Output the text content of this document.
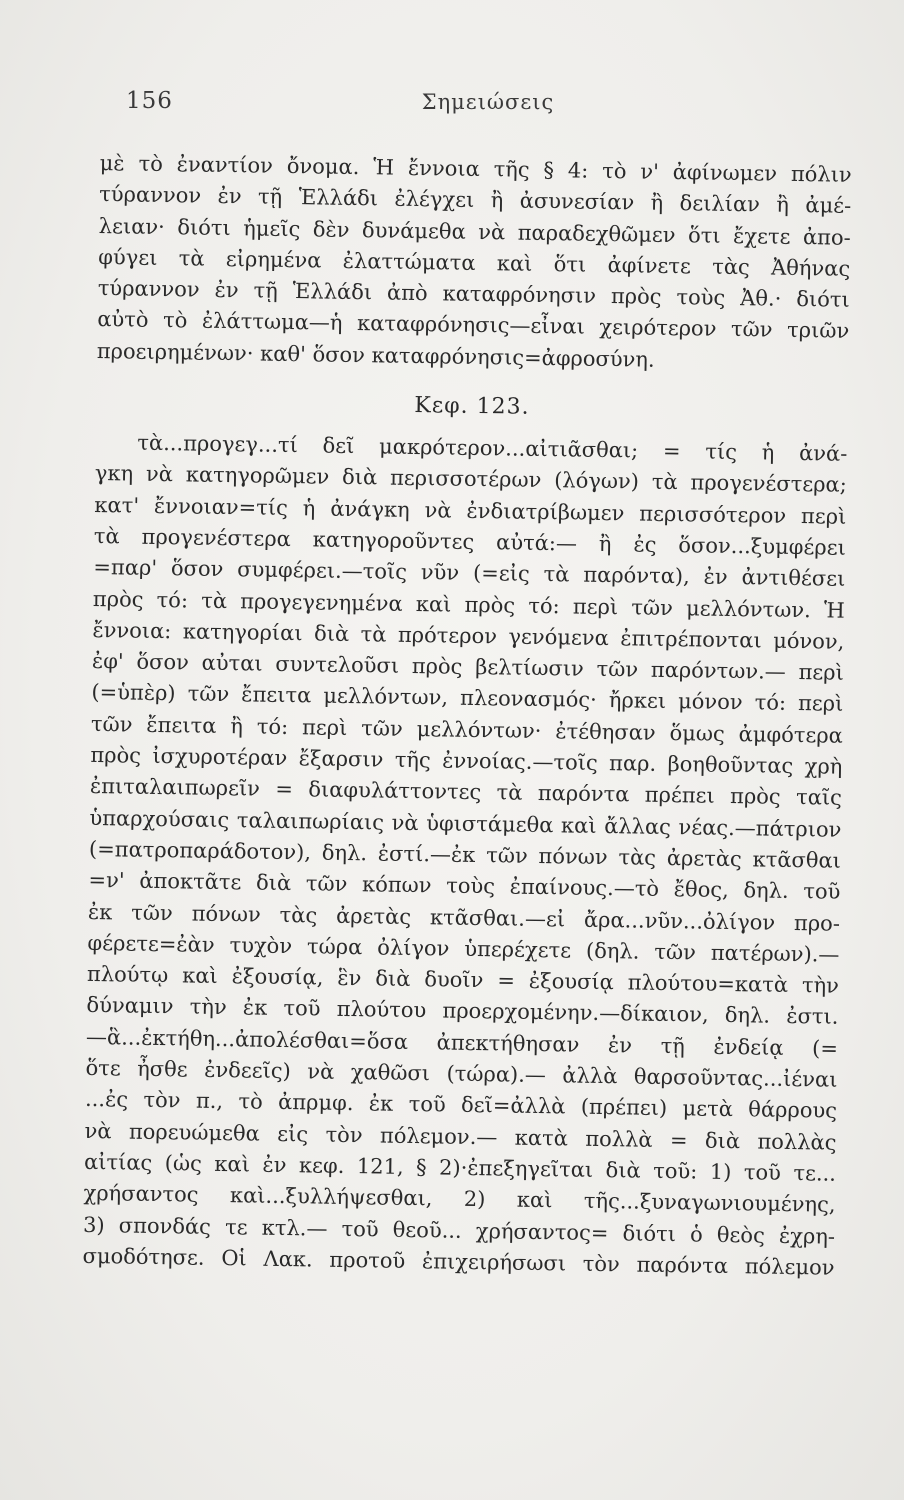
156	Σημειώσεις
μὲ τὸ ἐναντίον ὄνομα. Ἡ ἔννοια τῆς § 4: τὸ ν' ἀφίνωμεν πόλιν
τύραννον ἐν τῇ Ἑλλάδι ἐλέγχει ἢ ἀσυνεσίαν ἢ δειλίαν ἢ ἀμέ-
λειαν· διότι ἡμεῖς δὲν δυνάμεθα νὰ παραδεχθῶμεν ὅτι ἔχετε ἀπο-
φύγει τὰ εἰρημένα ἐλαττώματα καὶ ὅτι ἀφίνετε τὰς Ἀθήνας
τύραννον ἐν τῇ Ἑλλάδι ἀπὸ καταφρόνησιν πρὸς τοὺς Ἀθ.· διότι
αὐτὸ τὸ ἐλάττωμα—ἡ καταφρόνησις—εἶναι χειρότερον τῶν τριῶν
προειρημένων· καθ' ὅσον καταφρόνησις=ἀφροσύνη.
Κεφ. 123.
τὰ...προγεγ...τί δεῖ μακρότερον...αἰτιᾶσθαι; = τίς ἡ ἀνά-
γκη νὰ κατηγορῶμεν διὰ περισσοτέρων (λόγων) τὰ προγενέστερα;
κατ' ἔννοιαν=τίς ἡ ἀνάγκη νὰ ἐνδιατρίβωμεν περισσότερον περὶ
τὰ προγενέστερα κατηγοροῦντες αὐτά:— ἢ ἐς ὅσον...ξυμφέρει
=παρ' ὅσον συμφέρει.—τοῖς νῦν (=εἰς τὰ παρόντα), ἐν ἀντιθέσει
πρὸς τό: τὰ προγεγενημένα καὶ πρὸς τό: περὶ τῶν μελλόντων. Ἡ
ἔννοια: κατηγορίαι διὰ τὰ πρότερον γενόμενα ἐπιτρέπονται μόνον,
ἐφ' ὅσον αὐται συντελοῦσι πρὸς βελτίωσιν τῶν παρόντων.— περὶ
(=ὑπὲρ) τῶν ἔπειτα μελλόντων, πλεονασμός· ἤρκει μόνον τό: περὶ
τῶν ἔπειτα ἢ τό: περὶ τῶν μελλόντων· ἐτέθησαν ὅμως ἀμφότερα
πρὸς ἰσχυροτέραν ἔξαρσιν τῆς ἐννοίας.—τοῖς παρ. βοηθοῦντας χρὴ
ἐπιταλαιπωρεῖν = διαφυλάττοντες τὰ παρόντα πρέπει πρὸς ταῖς
ὑπαρχούσαις ταλαιπωρίαις νὰ ὑφιστάμεθα καὶ ἄλλας νέας.—πάτριον
(=πατροπαράδοτον), δηλ. ἐστί.—ἐκ τῶν πόνων τὰς ἀρετὰς κτᾶσθαι
=ν' ἀποκτᾶτε διὰ τῶν κόπων τοὺς ἐπαίνους.—τὸ ἔθος, δηλ. τοῦ
ἐκ τῶν πόνων τὰς ἀρετὰς κτᾶσθαι.—εἰ ἄρα...νῦν...ὀλίγον προ-
φέρετε=ἐὰν τυχὸν τώρα ὀλίγον ὑπερέχετε (δηλ. τῶν πατέρων).—
πλούτῳ καὶ ἐξουσίᾳ, ἓν διὰ δυοῖν = ἐξουσίᾳ πλούτου=κατὰ τὴν
δύναμιν τὴν ἐκ τοῦ πλούτου προερχομένην.—δίκαιον, δηλ. ἐστι.
—ἃ...ἐκτήθη...ἀπολέσθαι=ὅσα ἀπεκτήθησαν ἐν τῇ ἐνδείᾳ (=
ὅτε ἦσθε ἐνδεεῖς) νὰ χαθῶσι (τώρα).— ἀλλὰ θαρσοῦντας...ἰέναι
...ἐς τὸν π., τὸ ἀπρμφ. ἐκ τοῦ δεῖ=ἀλλὰ (πρέπει) μετὰ θάρρους
νὰ πορευώμεθα εἰς τὸν πόλεμον.— κατὰ πολλὰ = διὰ πολλὰς
αἰτίας (ὡς καὶ ἐν κεφ. 121, § 2)·ἐπεξηγεῖται διὰ τοῦ: 1) τοῦ τε...
χρήσαντος καὶ...ξυλλήψεσθαι, 2) καὶ τῆς...ξυναγωνιουμένης,
3) σπονδάς τε κτλ.— τοῦ θεοῦ... χρήσαντος= διότι ὁ θεὸς ἐχρη-
σμοδότησε. Οἱ Λακ. προτοῦ ἐπιχειρήσωσι τὸν παρόντα πόλεμον
